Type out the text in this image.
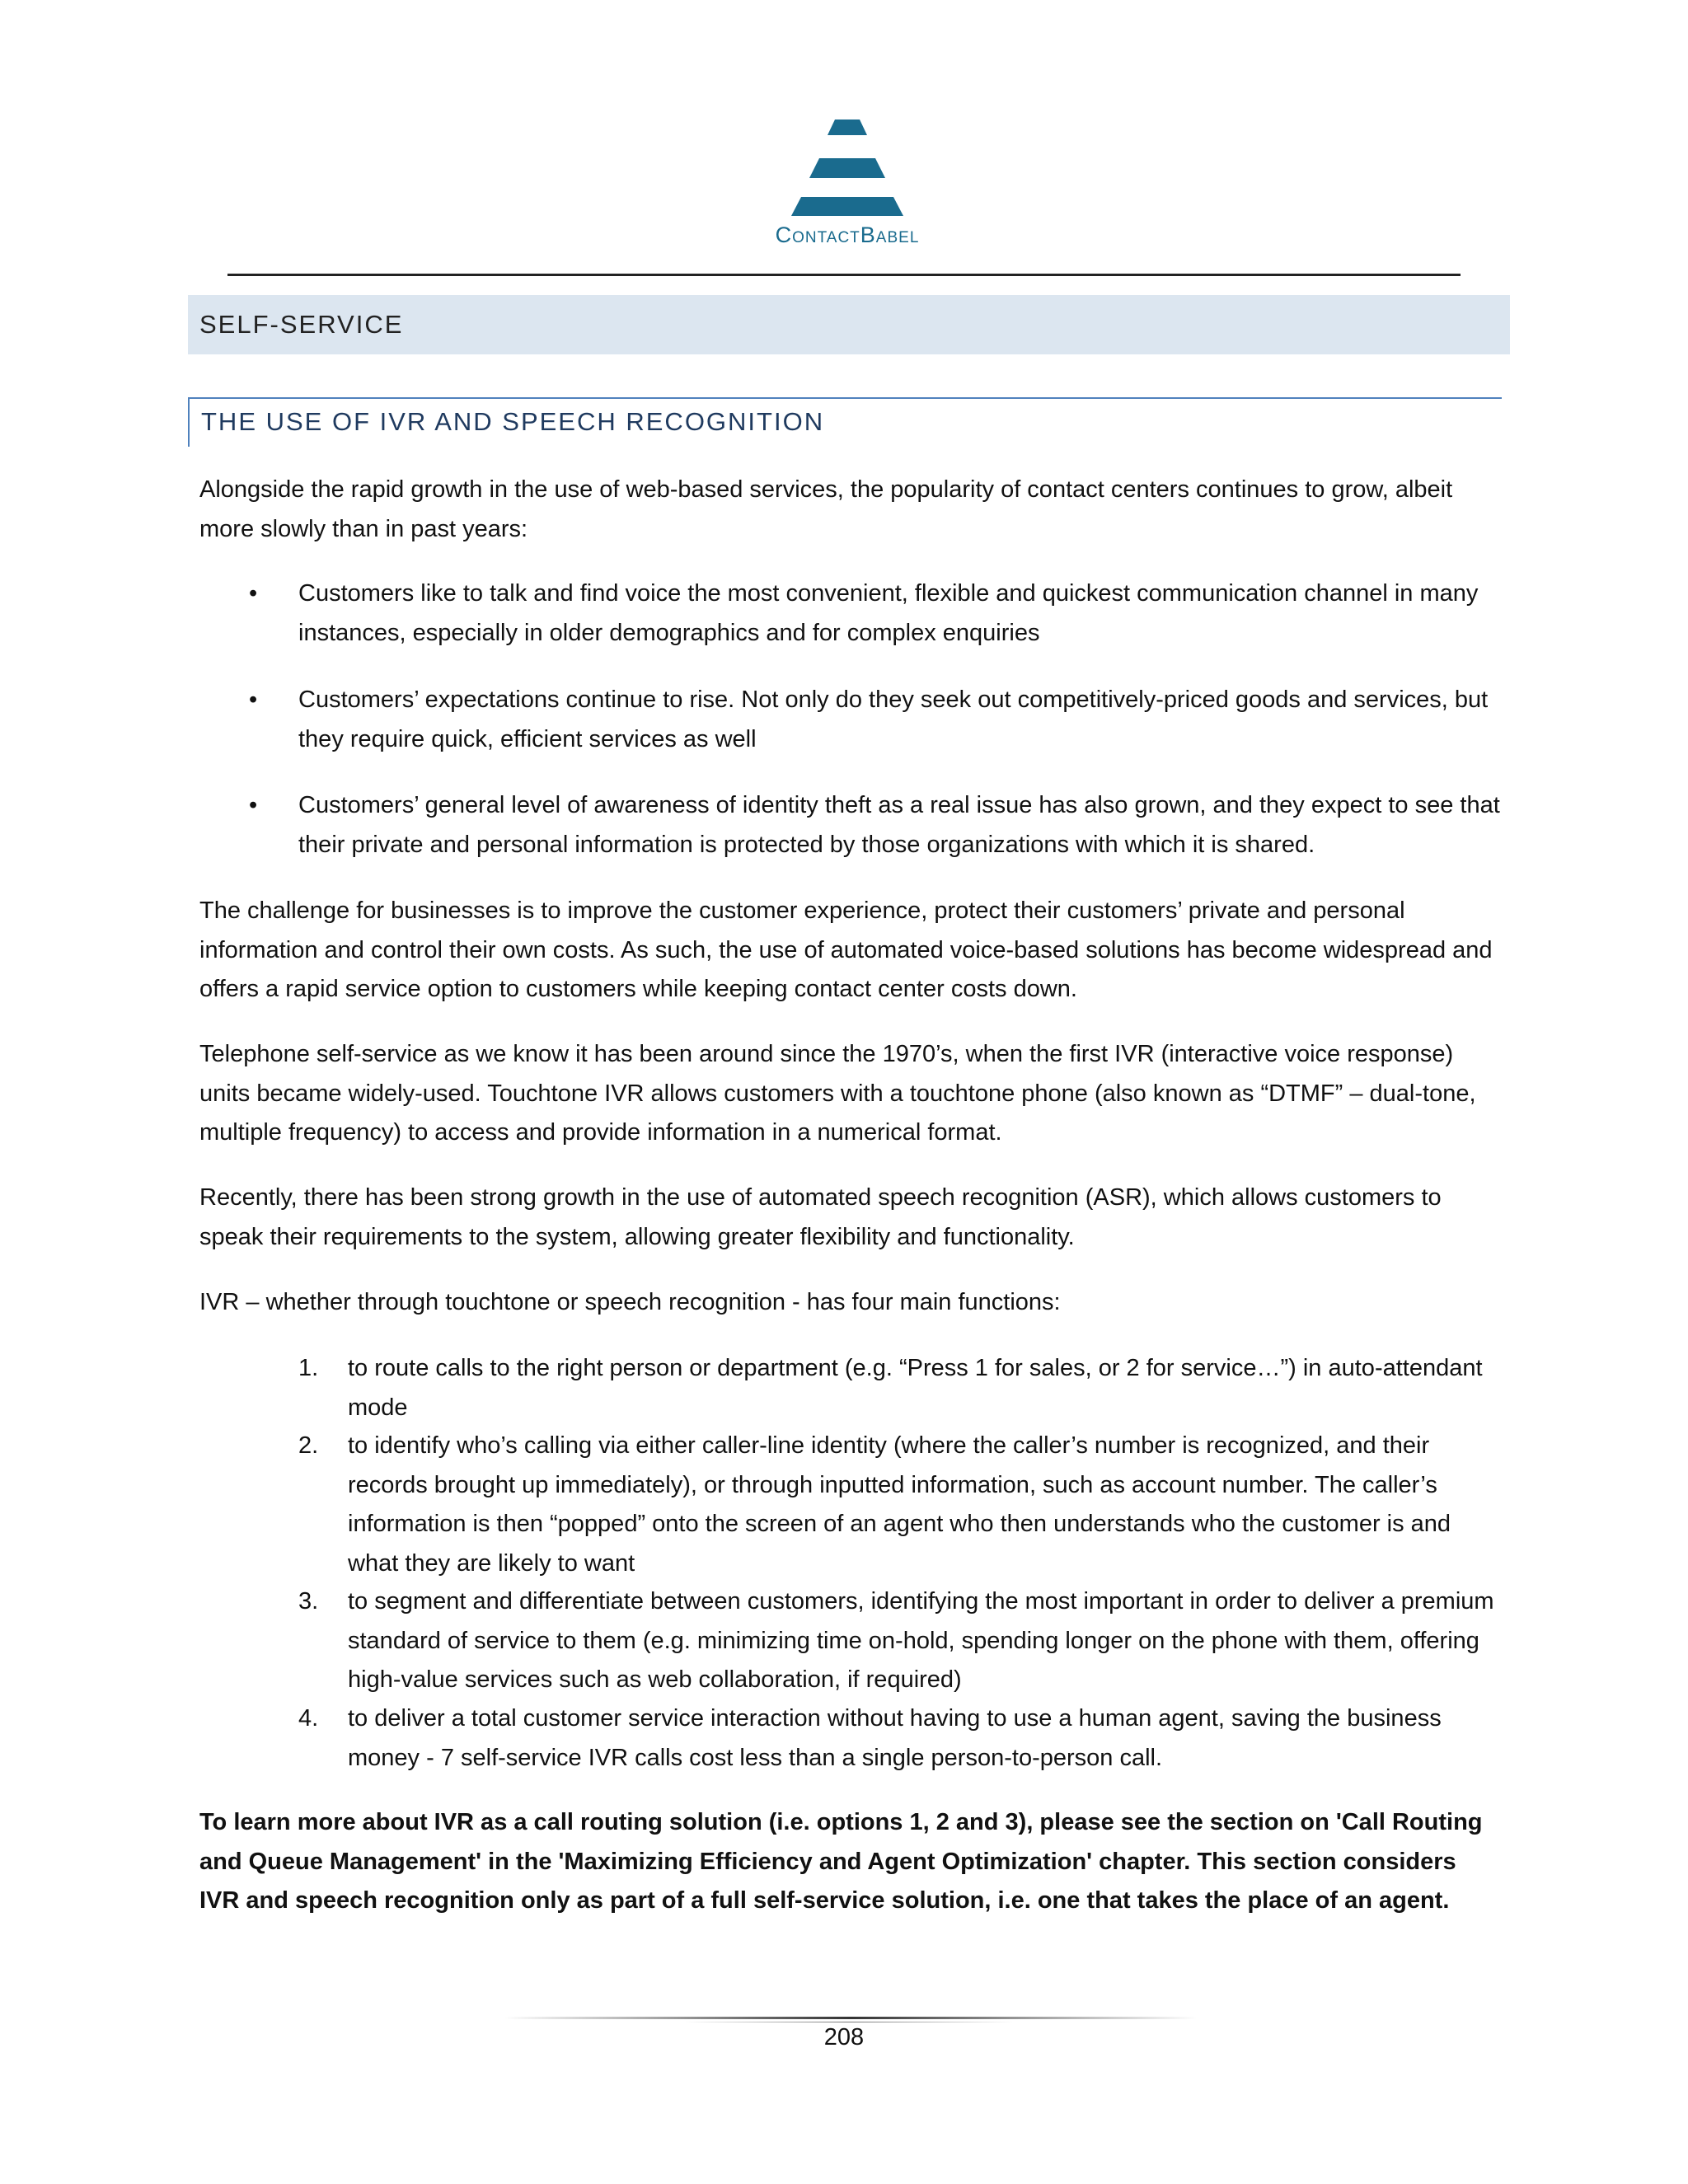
ContactBabel
SELF-SERVICE
THE USE OF IVR AND SPEECH RECOGNITION

Alongside the rapid growth in the use of web-based services, the popularity of contact centers continues to grow, albeit more slowly than in past years:

•	Customers like to talk and find voice the most convenient, flexible and quickest communication channel in many instances, especially in older demographics and for complex enquiries
•	Customers’ expectations continue to rise. Not only do they seek out competitively-priced goods and services, but they require quick, efficient services as well
•	Customers’ general level of awareness of identity theft as a real issue has also grown, and they expect to see that their private and personal information is protected by those organizations with which it is shared.

The challenge for businesses is to improve the customer experience, protect their customers’ private and personal information and control their own costs. As such, the use of automated voice-based solutions has become widespread and offers a rapid service option to customers while keeping contact center costs down.

Telephone self-service as we know it has been around since the 1970’s, when the first IVR (interactive voice response) units became widely-used. Touchtone IVR allows customers with a touchtone phone (also known as “DTMF” – dual-tone, multiple frequency) to access and provide information in a numerical format.

Recently, there has been strong growth in the use of automated speech recognition (ASR), which allows customers to speak their requirements to the system, allowing greater flexibility and functionality.

IVR – whether through touchtone or speech recognition - has four main functions:

1.	to route calls to the right person or department (e.g. “Press 1 for sales, or 2 for service…”) in auto-attendant mode
2.	to identify who’s calling via either caller-line identity (where the caller’s number is recognized, and their records brought up immediately), or through inputted information, such as account number. The caller’s information is then “popped” onto the screen of an agent who then understands who the customer is and what they are likely to want
3.	to segment and differentiate between customers, identifying the most important in order to deliver a premium standard of service to them (e.g. minimizing time on-hold, spending longer on the phone with them, offering high-value services such as web collaboration, if required)
4.	to deliver a total customer service interaction without having to use a human agent, saving the business money - 7 self-service IVR calls cost less than a single person-to-person call.

To learn more about IVR as a call routing solution (i.e. options 1, 2 and 3), please see the section on 'Call Routing and Queue Management' in the 'Maximizing Efficiency and Agent Optimization' chapter. This section considers IVR and speech recognition only as part of a full self-service solution, i.e. one that takes the place of an agent.

208
